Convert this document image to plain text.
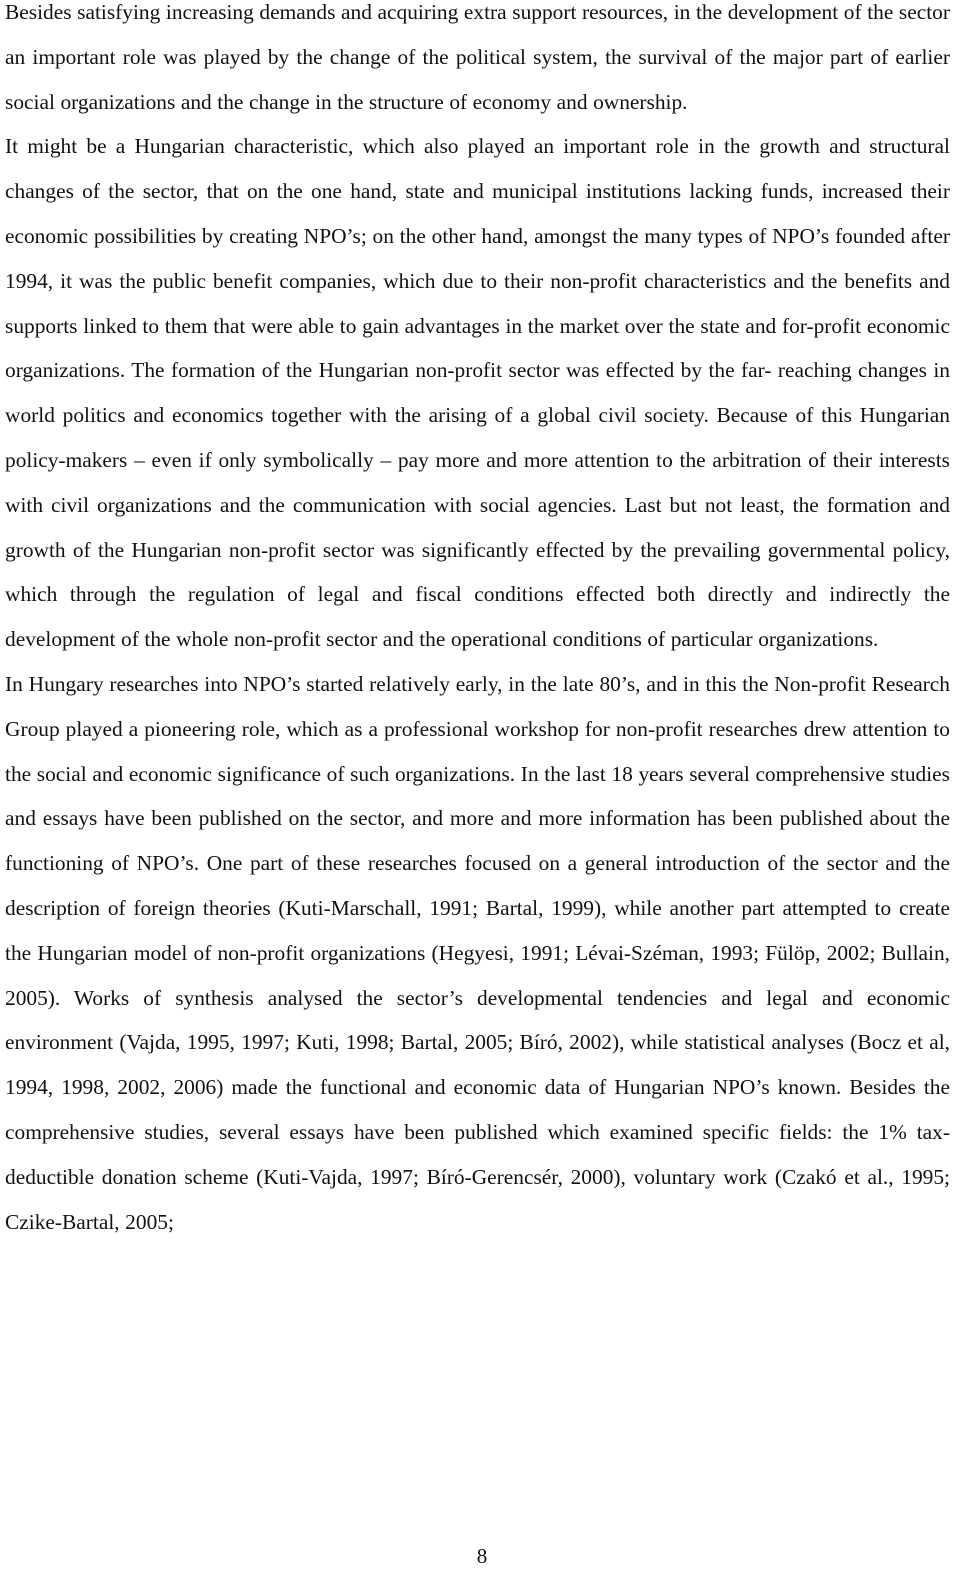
Besides satisfying increasing demands and acquiring extra support resources, in the development of the sector an important role was played by the change of the political system, the survival of the major part of earlier social organizations and the change in the structure of economy and ownership.

It might be a Hungarian characteristic, which also played an important role in the growth and structural changes of the sector, that on the one hand, state and municipal institutions lacking funds, increased their economic possibilities by creating NPO’s; on the other hand, amongst the many types of NPO’s founded after 1994, it was the public benefit companies, which due to their non-profit characteristics and the benefits and supports linked to them that were able to gain advantages in the market over the state and for-profit economic organizations. The formation of the Hungarian non-profit sector was effected by the far- reaching changes in world politics and economics together with the arising of a global civil society. Because of this Hungarian policy-makers – even if only symbolically – pay more and more attention to the arbitration of their interests with civil organizations and the communication with social agencies. Last but not least, the formation and growth of the Hungarian non-profit sector was significantly effected by the prevailing governmental policy, which through the regulation of legal and fiscal conditions effected both directly and indirectly the development of the whole non-profit sector and the operational conditions of particular organizations.

In Hungary researches into NPO’s started relatively early, in the late 80’s, and in this the Non-profit Research Group played a pioneering role, which as a professional workshop for non-profit researches drew attention to the social and economic significance of such organizations. In the last 18 years several comprehensive studies and essays have been published on the sector, and more and more information has been published about the functioning of NPO’s. One part of these researches focused on a general introduction of the sector and the description of foreign theories (Kuti-Marschall, 1991; Bartal, 1999), while another part attempted to create the Hungarian model of non-profit organizations (Hegyesi, 1991; Lévai-Széman, 1993; Fülöp, 2002; Bullain, 2005). Works of synthesis analysed the sector’s developmental tendencies and legal and economic environment (Vajda, 1995, 1997; Kuti, 1998; Bartal, 2005; Bíró, 2002), while statistical analyses (Bocz et al, 1994, 1998, 2002, 2006) made the functional and economic data of Hungarian NPO’s known. Besides the comprehensive studies, several essays have been published which examined specific fields: the 1% tax-deductible donation scheme (Kuti-Vajda, 1997; Bíró-Gerencsér, 2000), voluntary work (Czakó et al., 1995; Czike-Bartal, 2005;

8
